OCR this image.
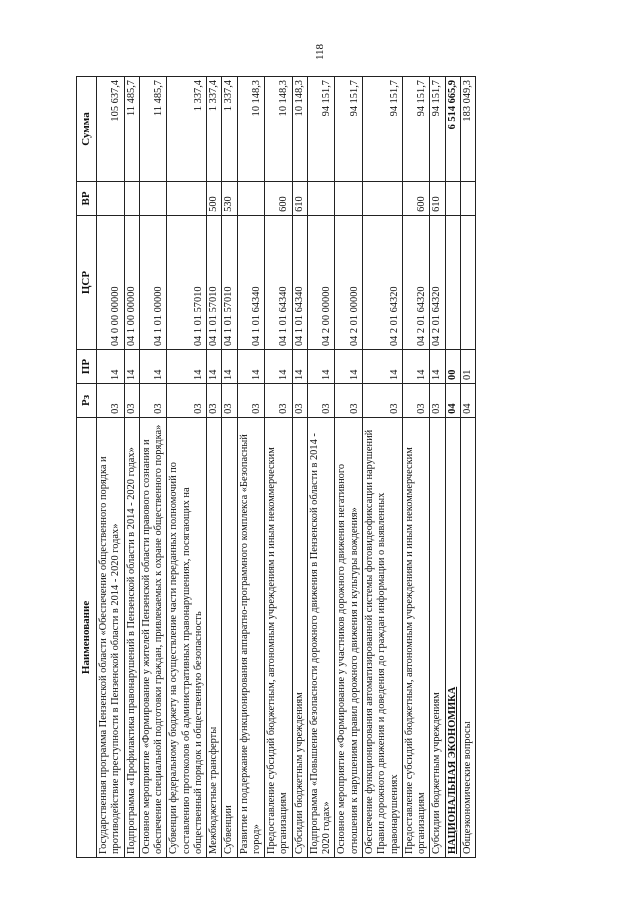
118
Наименование	Рз	ПР	ЦСР	ВР	Сумма
Государственная программа Пензенской области «Обеспечение общественного порядка и противодействие преступности в Пензенской области в 2014 - 2020 годах»	03	14	04 0 00 00000		105 637,4
Подпрограмма «Профилактика правонарушений в Пензенской области в 2014 - 2020 годах»	03	14	04 1 00 00000		11 485,7
Основное мероприятие «Формирование у жителей Пензенской области правового сознания и обеспечение специальной подготовки граждан, привлекаемых к охране общественного порядка»	03	14	04 1 01 00000		11 485,7
Субвенции федеральному бюджету на осуществление части переданных полномочий по составлению протоколов об административных правонарушениях, посягающих на общественный порядок и общественную безопасность	03	14	04 1 01 57010		1 337,4
Межбюджетные трансферты	03	14	04 1 01 57010	500	1 337,4
Субвенции	03	14	04 1 01 57010	530	1 337,4
Развитие и поддержание функционирования аппаратно-программного комплекса «Безопасный город»	03	14	04 1 01 64340		10 148,3
Предоставление субсидий бюджетным, автономным учреждениям и иным некоммерческим организациям	03	14	04 1 01 64340	600	10 148,3
Субсидии бюджетным учреждениям	03	14	04 1 01 64340	610	10 148,3
Подпрограмма «Повышение безопасности дорожного движения в Пензенской области в 2014 - 2020 годах»	03	14	04 2 00 00000		94 151,7
Основное мероприятие «Формирование у участников дорожного движения негативного отношения к нарушениям правил дорожного движения и культуры вождения»	03	14	04 2 01 00000		94 151,7
Обеспечение функционирования автоматизированной системы фотовидеофиксации нарушений Правил дорожного движения и доведения до граждан информации о выявленных правонарушениях	03	14	04 2 01 64320		94 151,7
Предоставление субсидий бюджетным, автономным учреждениям и иным некоммерческим организациям	03	14	04 2 01 64320	600	94 151,7
Субсидии бюджетным учреждениям	03	14	04 2 01 64320	610	94 151,7
НАЦИОНАЛЬНАЯ ЭКОНОМИКА	04	00			6 514 665,9
Общеэкономические вопросы	04	01			183 049,3
